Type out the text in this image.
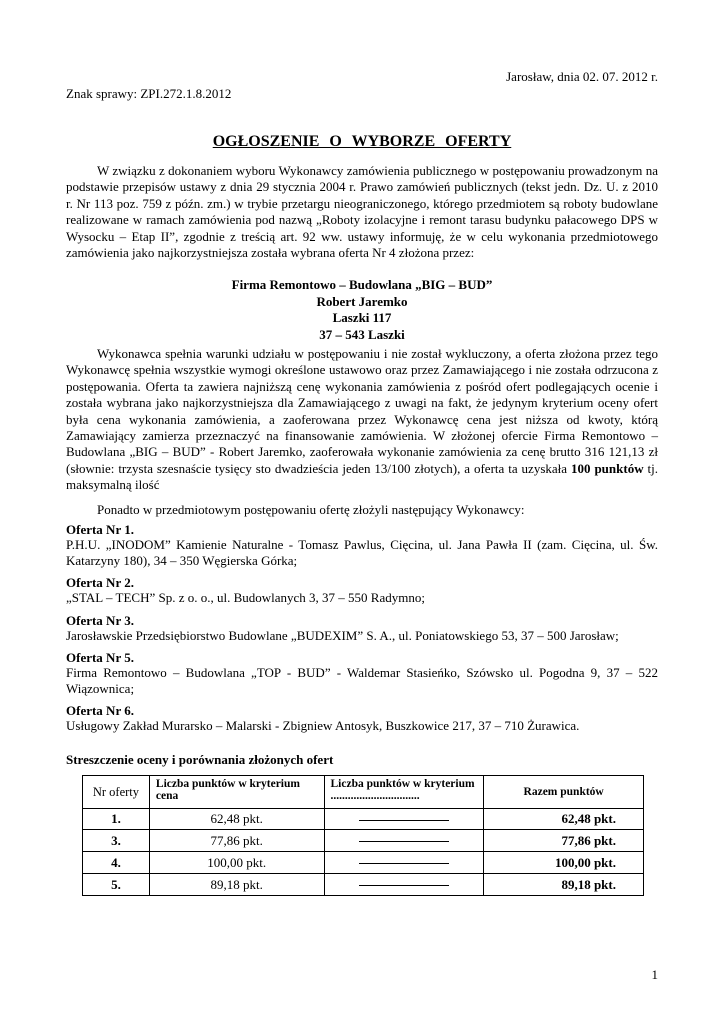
Jarosław, dnia 02. 07. 2012 r.
Znak sprawy: ZPI.272.1.8.2012
OGŁOSZENIE O WYBORZE OFERTY
W związku z dokonaniem wyboru Wykonawcy zamówienia publicznego w postępowaniu prowadzonym na podstawie przepisów ustawy z dnia 29 stycznia 2004 r. Prawo zamówień publicznych (tekst jedn. Dz. U. z 2010 r. Nr 113 poz. 759 z późn. zm.) w trybie przetargu nieograniczonego, którego przedmiotem są roboty budowlane realizowane w ramach zamówienia pod nazwą „Roboty izolacyjne i remont tarasu budynku pałacowego DPS w Wysocku – Etap II”, zgodnie z treścią art. 92 ww. ustawy informuję, że w celu wykonania przedmiotowego zamówienia jako najkorzystniejsza została wybrana oferta Nr 4 złożona przez:
Firma Remontowo – Budowlana „BIG – BUD”
Robert Jaremko
Laszki 117
37 – 543 Laszki
Wykonawca spełnia warunki udziału w postępowaniu i nie został wykluczony, a oferta złożona przez tego Wykonawcę spełnia wszystkie wymogi określone ustawowo oraz przez Zamawiającego i nie została odrzucona z postępowania. Oferta ta zawiera najniższą cenę wykonania zamówienia z pośród ofert podlegających ocenie i została wybrana jako najkorzystniejsza dla Zamawiającego z uwagi na fakt, że jedynym kryterium oceny ofert była cena wykonania zamówienia, a zaoferowana przez Wykonawcę cena jest niższa od kwoty, którą Zamawiający zamierza przeznaczyć na finansowanie zamówienia. W złożonej ofercie Firma Remontowo – Budowlana „BIG – BUD” - Robert Jaremko, zaoferowała wykonanie zamówienia za cenę brutto 316 121,13 zł (słownie: trzysta szesnaście tysięcy sto dwadzieścia jeden 13/100 złotych), a oferta ta uzyskała 100 punktów tj. maksymalną ilość
Ponadto w przedmiotowym postępowaniu ofertę złożyli następujący Wykonawcy:
Oferta Nr 1.
P.H.U. „INODOM” Kamienie Naturalne - Tomasz Pawlus, Cięcina, ul. Jana Pawła II (zam. Cięcina, ul. Św. Katarzyny 180), 34 – 350 Węgierska Górka;
Oferta Nr 2.
„STAL – TECH” Sp. z o. o., ul. Budowlanych 3, 37 – 550 Radymno;
Oferta Nr 3.
Jarosławskie Przedsiębiorstwo Budowlane „BUDEXIM” S. A., ul. Poniatowskiego 53, 37 – 500 Jarosław;
Oferta Nr 5.
Firma Remontowo – Budowlana „TOP - BUD” - Waldemar Stasieńko, Szówsko ul. Pogodna 9, 37 – 522 Wiązownica;
Oferta Nr 6.
Usługowy Zakład Murarsko – Malarski - Zbigniew Antosyk, Buszkowice 217, 37 – 710 Żurawica.
Streszczenie oceny i porównania złożonych ofert
Nr oferty	Liczba punktów w kryterium cena	Liczba punktów w kryterium ...............................	Razem punktów
1.	62,48 pkt.		62,48 pkt.
3.	77,86 pkt.		77,86 pkt.
4.	100,00 pkt.		100,00 pkt.
5.	89,18 pkt.		89,18 pkt.
1
